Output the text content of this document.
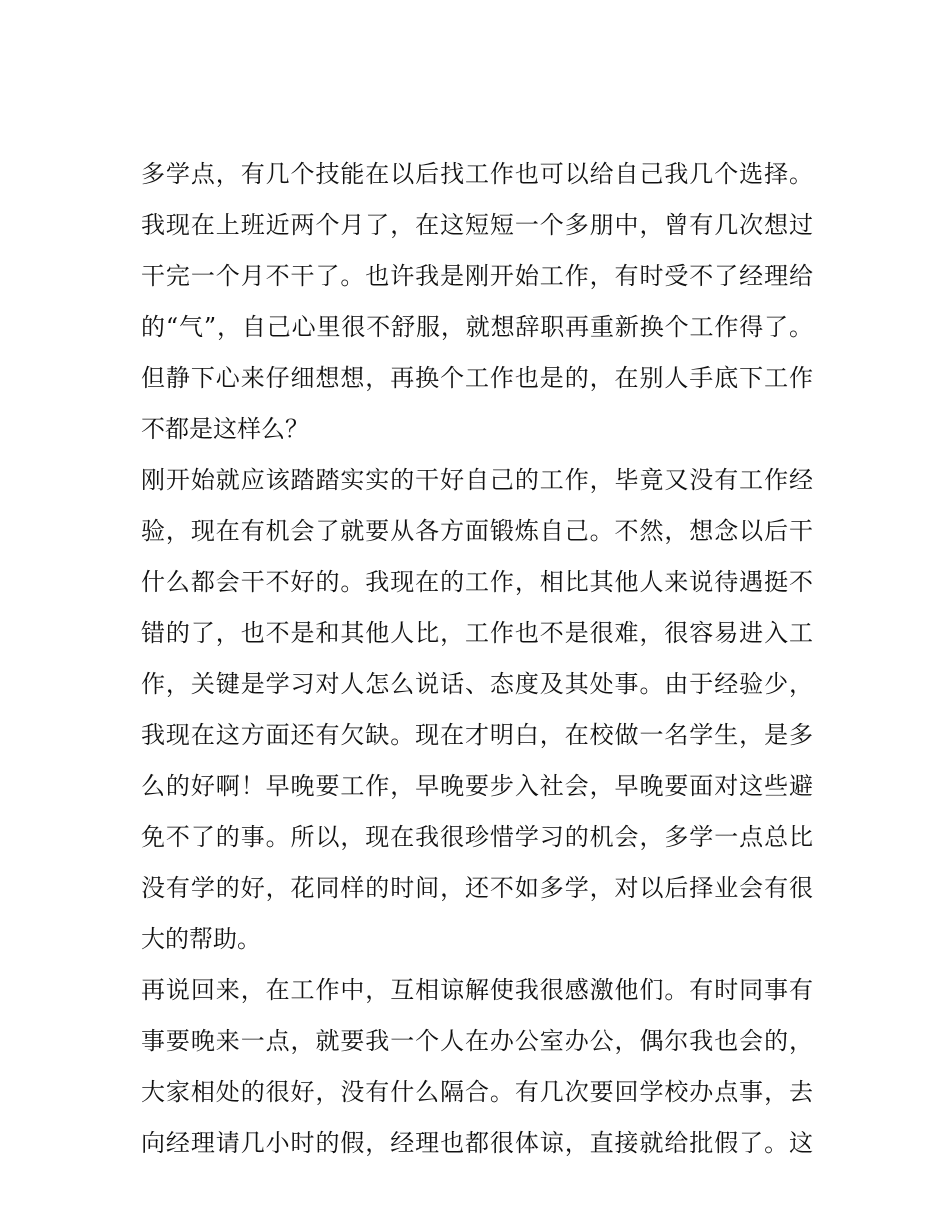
多学点，有几个技能在以后找工作也可以给自己我几个选择。
我现在上班近两个月了，在这短短一个多朋中，曾有几次想过
干完一个月不干了。也许我是刚开始工作，有时受不了经理给
的“气”，自己心里很不舒服，就想辞职再重新换个工作得了。
但静下心来仔细想想，再换个工作也是的，在别人手底下工作
不都是这样么？
刚开始就应该踏踏实实的干好自己的工作，毕竟又没有工作经
验，现在有机会了就要从各方面锻炼自己。不然，想念以后干
什么都会干不好的。我现在的工作，相比其他人来说待遇挺不
错的了，也不是和其他人比，工作也不是很难，很容易进入工
作，关键是学习对人怎么说话、态度及其处事。由于经验少，
我现在这方面还有欠缺。现在才明白，在校做一名学生，是多
么的好啊！早晚要工作，早晚要步入社会，早晚要面对这些避
免不了的事。所以，现在我很珍惜学习的机会，多学一点总比
没有学的好，花同样的时间，还不如多学，对以后择业会有很
大的帮助。
再说回来，在工作中，互相谅解使我很感激他们。有时同事有
事要晚来一点，就要我一个人在办公室办公，偶尔我也会的，
大家相处的很好，没有什么隔合。有几次要回学校办点事，去
向经理请几小时的假，经理也都很体谅，直接就给批假了。这
